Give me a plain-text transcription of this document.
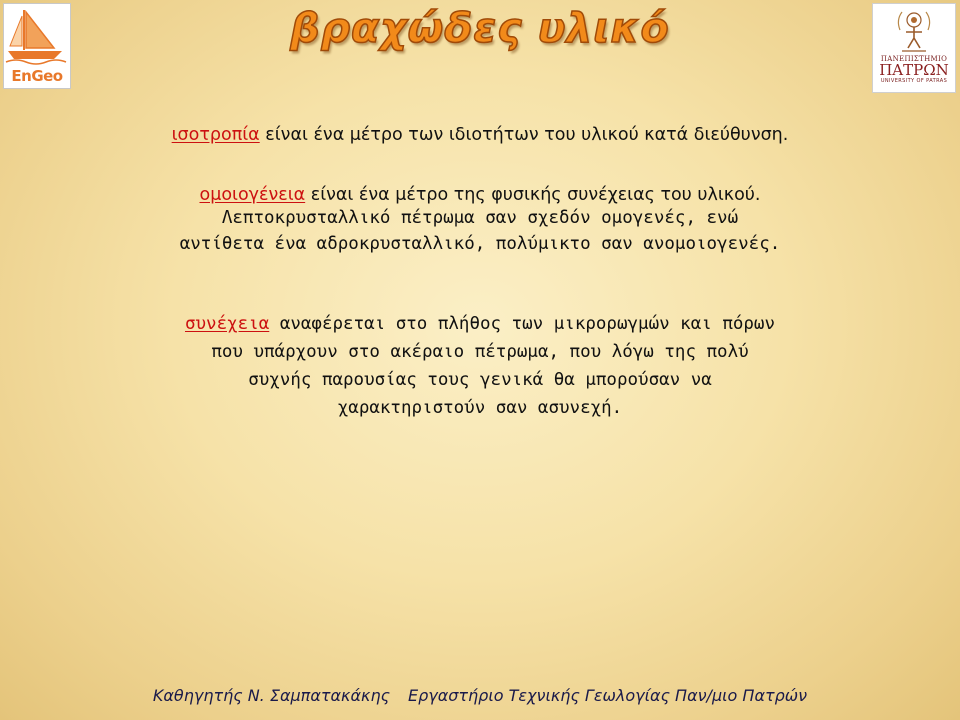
EnGeo
βραχώδες υλικό
ΠΑΝΕΠΙΣΤΗΜΙΟ
ΠΑΤΡΩΝ
UNIVERSITY OF PATRAS
ισοτροπία είναι ένα μέτρο των ιδιοτήτων του υλικού κατά διεύθυνση.
ομοιογένεια είναι ένα μέτρο της φυσικής συνέχειας του υλικού.
Λεπτοκρυσταλλικό πέτρωμα σαν σχεδόν ομογενές, ενώ
αντίθετα ένα αδροκρυσταλλικό, πολύμικτο σαν ανομοιογενές.
συνέχεια αναφέρεται στο πλήθος των μικρορωγμών και πόρων
που υπάρχουν στο ακέραιο πέτρωμα, που λόγω της πολύ
συχνής παρουσίας τους γενικά θα μπορούσαν να
χαρακτηριστούν σαν ασυνεχή.
Καθηγητής Ν. Σαμπατακάκης Εργαστήριο Τεχνικής Γεωλογίας Παν/μιο Πατρών
